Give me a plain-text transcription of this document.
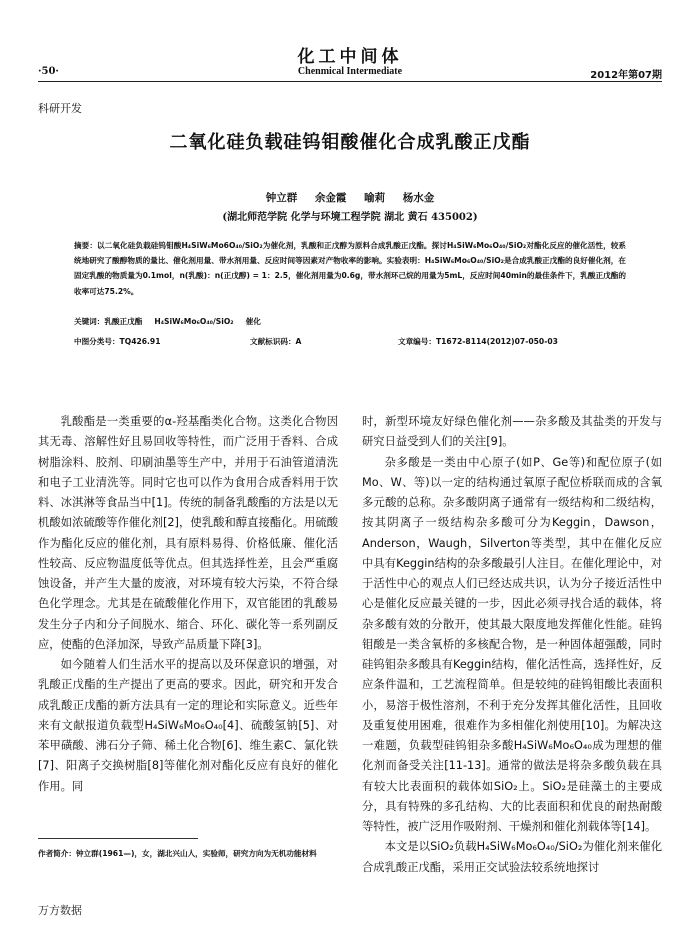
化工中间体
·50·	Chenmical Intermediate	2012年第07期
科研开发
二氧化硅负载硅钨钼酸催化合成乳酸正戊酯
钟立群 余金霞 喻莉 杨水金
(湖北师范学院 化学与环境工程学院 湖北 黄石 435002)
摘要：以二氧化硅负载硅钨钼酸H₄SiW₆Mo6O₄₀/SiO₂为催化剂，乳酸和正戊醇为原料合成乳酸正戊酯。探讨H₄SiW₆Mo₆O₄₀/SiO₂对酯化反应的催化活性，较系统地研究了酸醇物质的量比、催化剂用量、带水剂用量、反应时间等因素对产物收率的影响。实验表明：H₄SiW₆Mo₆O₄₀/SiO₂是合成乳酸正戊酯的良好催化剂，在固定乳酸的物质量为0.1mol，n(乳酸)：n(正戊醇) = 1：2.5，催化剂用量为0.6g，带水剂环己烷的用量为5mL，反应时间40min的最佳条件下，乳酸正戊酯的收率可达75.2%。
关键词：乳酸正戊酯 H₄SiW₆Mo₆O₄₀/SiO₂ 催化
中图分类号：TQ426.91	文献标识码：A	文章编号：T1672-8114(2012)07-050-03

乳酸酯是一类重要的α-羟基酯类化合物。这类化合物因其无毒、溶解性好且易回收等特性，而广泛用于香料、合成树脂涂料、胶剂、印刷油墨等生产中，并用于石油管道清洗和电子工业清洗等。同时它也可以作为食用合成香料用于饮料、冰淇淋等食品当中[1]。传统的制备乳酸酯的方法是以无机酸如浓硫酸等作催化剂[2]，使乳酸和醇直接酯化。用硫酸作为酯化反应的催化剂，具有原料易得、价格低廉、催化活性较高、反应物温度低等优点。但其选择性差，且会严重腐蚀设备，并产生大量的废液，对环境有较大污染，不符合绿色化学理念。尤其是在硫酸催化作用下，双官能团的乳酸易发生分子内和分子间脱水、缩合、环化、碳化等一系列副反应，使酯的色泽加深，导致产品质量下降[3]。

如今随着人们生活水平的提高以及环保意识的增强，对乳酸正戊酯的生产提出了更高的要求。因此，研究和开发合成乳酸正戊酯的新方法具有一定的理论和实际意义。近些年来有文献报道负载型H₄SiW₆Mo₆O₄₀[4]、硫酸氢钠[5]、对苯甲磺酸、沸石分子筛、稀土化合物[6]、维生素C、氯化铁[7]、阳离子交换树脂[8]等催化剂对酯化反应有良好的催化作用。同

时，新型环境友好绿色催化剂——杂多酸及其盐类的开发与研究日益受到人们的关注[9]。

杂多酸是一类由中心原子(如P、Ge等)和配位原子(如Mo、W、等)以一定的结构通过氧原子配位桥联而成的含氧多元酸的总称。杂多酸阴离子通常有一级结构和二级结构，按其阴离子一级结构杂多酸可分为Keggin，Dawson，Anderson，Waugh，Silverton等类型，其中在催化反应中具有Keggin结构的杂多酸最引人注目。在催化理论中，对于活性中心的观点人们已经达成共识，认为分子接近活性中心是催化反应最关键的一步，因此必须寻找合适的载体，将杂多酸有效的分散开，使其最大限度地发挥催化性能。硅钨钼酸是一类含氧桥的多核配合物，是一种固体超强酸，同时硅钨钼杂多酸具有Keggin结构，催化活性高，选择性好，反应条件温和，工艺流程简单。但是较纯的硅钨钼酸比表面积小，易溶于极性溶剂，不利于充分发挥其催化活性，且回收及重复使用困难，很难作为多相催化剂使用[10]。为解决这一难题，负载型硅钨钼杂多酸H₄SiW₆Mo₆O₄₀成为理想的催化剂而备受关注[11-13]。通常的做法是将杂多酸负载在具有较大比表面积的载体如SiO₂上。SiO₂是硅藻土的主要成分，具有特殊的多孔结构、大的比表面积和优良的耐热耐酸等特性，被广泛用作吸附剂、干燥剂和催化剂载体等[14]。

本文是以SiO₂负载H₄SiW₆Mo₆O₄₀/SiO₂为催化剂来催化合成乳酸正戊酯，采用正交试验法较系统地探讨

作者简介：钟立群(1961—)，女，湖北兴山人，实验师，研究方向为无机功能材料
万方数据
